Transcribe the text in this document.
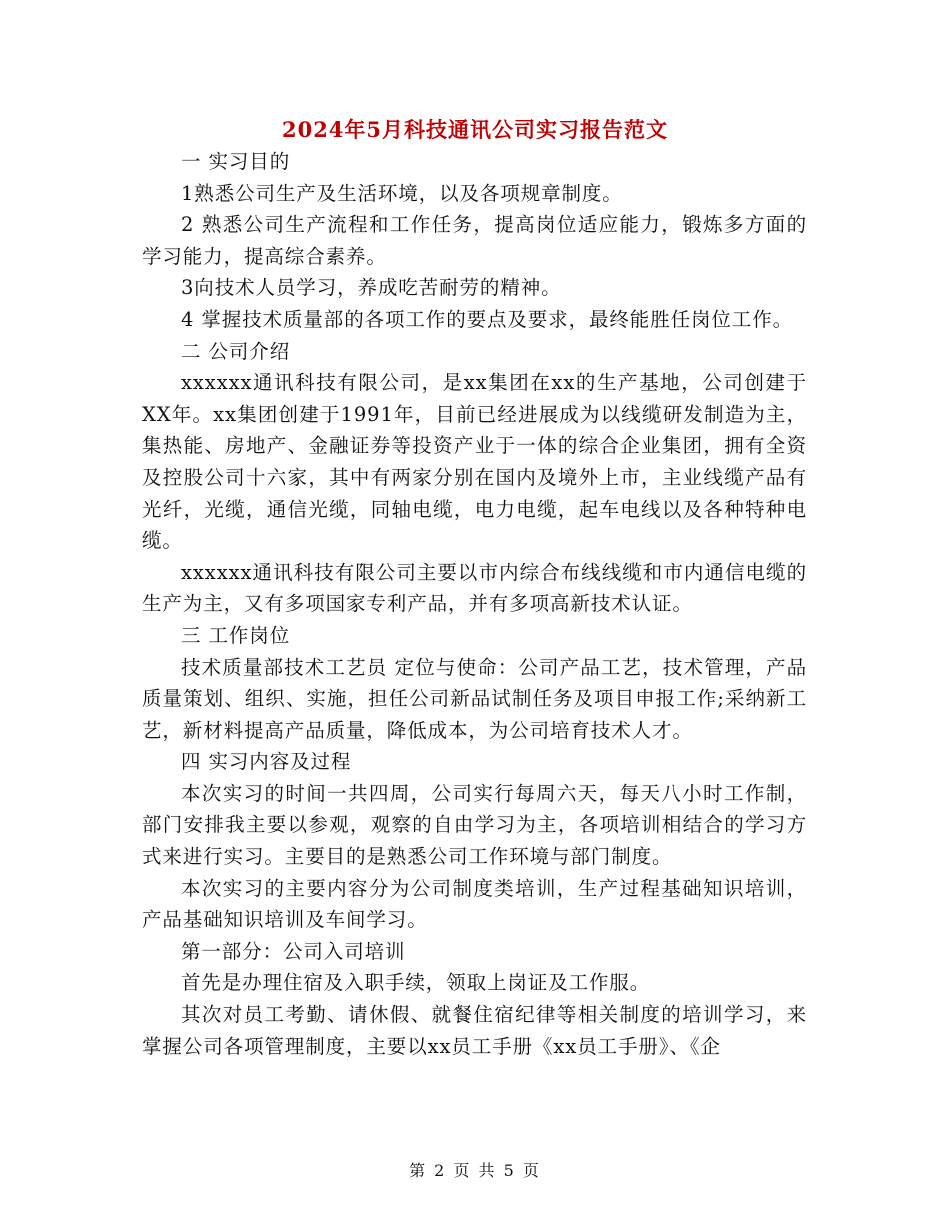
2024年5月科技通讯公司实习报告范文

一 实习目的

1熟悉公司生产及生活环境，以及各项规章制度。

2 熟悉公司生产流程和工作任务，提高岗位适应能力，锻炼多方面的学习能力，提高综合素养。

3向技术人员学习，养成吃苦耐劳的精神。

4 掌握技术质量部的各项工作的要点及要求，最终能胜任岗位工作。

二 公司介绍

xxxxxx通讯科技有限公司，是xx集团在xx的生产基地，公司创建于XX年。xx集团创建于1991年，目前已经进展成为以线缆研发制造为主，集热能、房地产、金融证券等投资产业于一体的综合企业集团，拥有全资及控股公司十六家，其中有两家分别在国内及境外上市，主业线缆产品有光纤，光缆，通信光缆，同轴电缆，电力电缆，起车电线以及各种特种电缆。

xxxxxx通讯科技有限公司主要以市内综合布线线缆和市内通信电缆的生产为主，又有多项国家专利产品，并有多项高新技术认证。

三 工作岗位

技术质量部技术工艺员 定位与使命：公司产品工艺，技术管理，产品质量策划、组织、实施，担任公司新品试制任务及项目申报工作;采纳新工艺，新材料提高产品质量，降低成本，为公司培育技术人才。

四 实习内容及过程

本次实习的时间一共四周，公司实行每周六天，每天八小时工作制，部门安排我主要以参观，观察的自由学习为主，各项培训相结合的学习方式来进行实习。主要目的是熟悉公司工作环境与部门制度。

本次实习的主要内容分为公司制度类培训，生产过程基础知识培训，产品基础知识培训及车间学习。

第一部分：公司入司培训

首先是办理住宿及入职手续，领取上岗证及工作服。

其次对员工考勤、请休假、就餐住宿纪律等相关制度的培训学习，来掌握公司各项管理制度，主要以xx员工手册《xx员工手册》、《企

第 2 页 共 5 页
